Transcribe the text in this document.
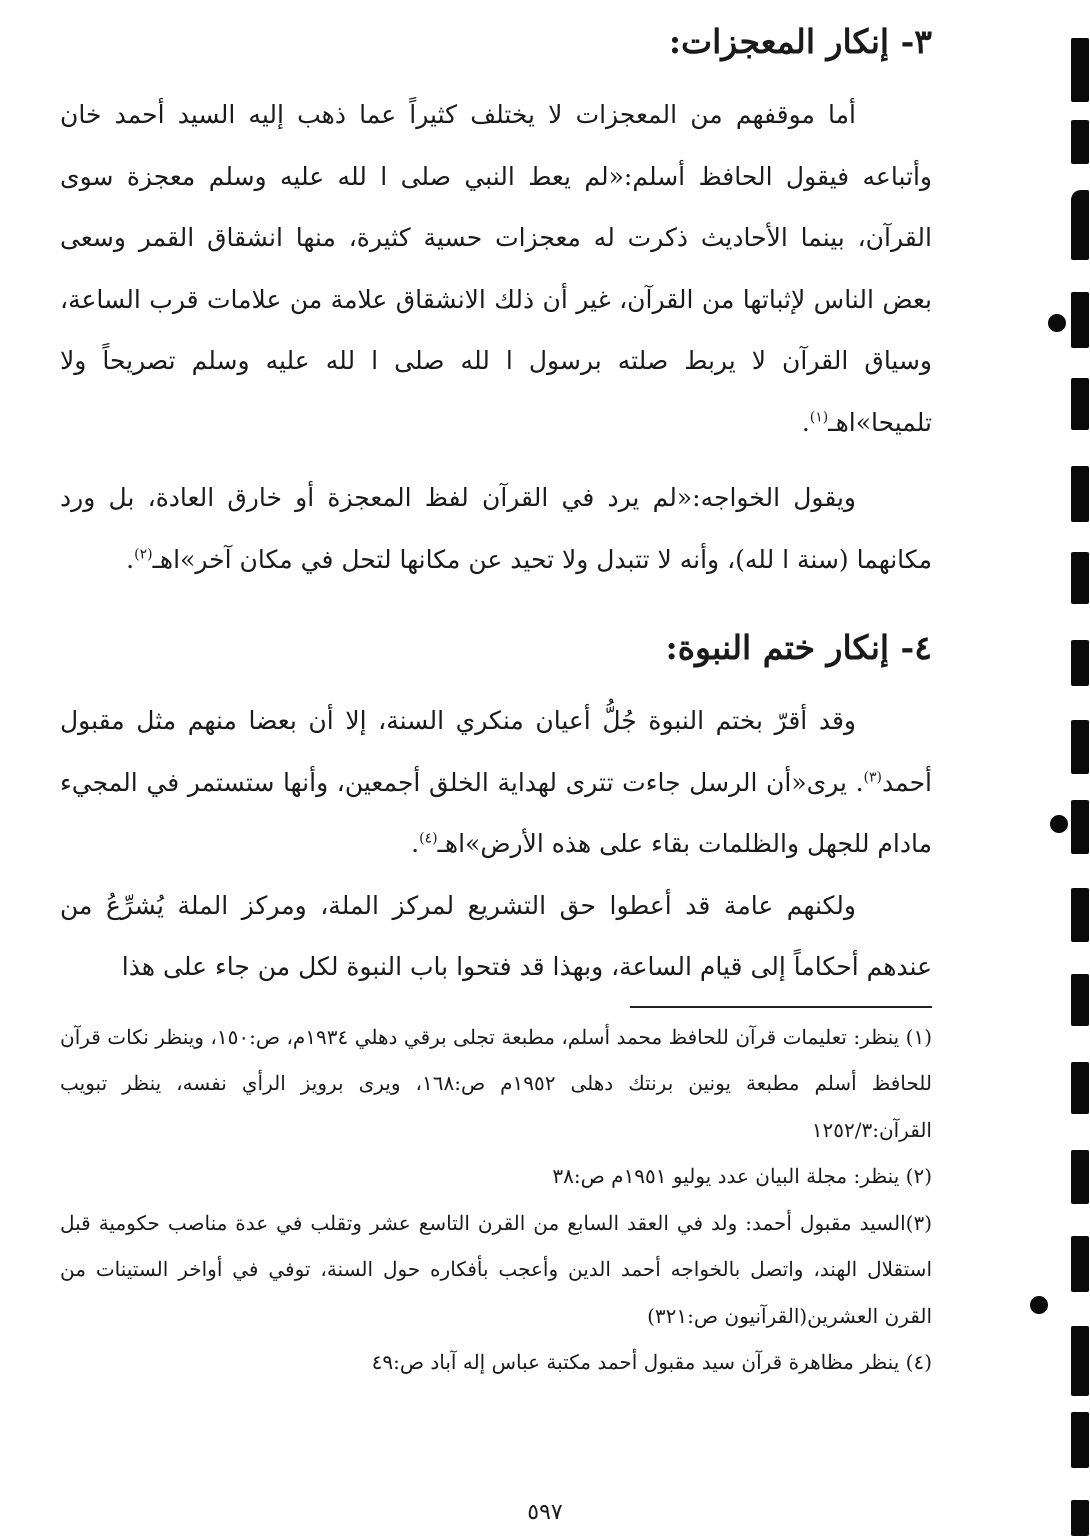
٣- إنكار المعجزات:

أما موقفهم من المعجزات لا يختلف كثيراً عما ذهب إليه السيد أحمد خان وأتباعه فيقول الحافظ أسلم:«لم يعط النبي صلى ا لله عليه وسلم معجزة سوى القرآن، بينما الأحاديث ذكرت له معجزات حسية كثيرة، منها انشقاق القمر وسعى بعض الناس لإثباتها من القرآن، غير أن ذلك الانشقاق علامة من علامات قرب الساعة، وسياق القرآن لا يربط صلته برسول ا لله صلى ا لله عليه وسلم تصريحاً ولا تلميحا»اهـ$^{(١)}$.

ويقول الخواجه:«لم يرد في القرآن لفظ المعجزة أو خارق العادة، بل ورد مكانهما (سنة ا لله)، وأنه لا تتبدل ولا تحيد عن مكانها لتحل في مكان آخر»اهـ$^{(٢)}$.

٤- إنكار ختم النبوة:

وقد أقرّ بختم النبوة جُلُّ أعيان منكري السنة، إلا أن بعضا منهم مثل مقبول أحمد$^{(٣)}$. يرى«أن الرسل جاءت تترى لهداية الخلق أجمعين، وأنها ستستمر في المجيء مادام للجهل والظلمات بقاء على هذه الأرض»اهـ$^{(٤)}$.

ولكنهم عامة قد أعطوا حق التشريع لمركز الملة، ومركز الملة يُشرِّعُ من عندهم أحكاماً إلى قيام الساعة، وبهذا قد فتحوا باب النبوة لكل من جاء على هذا

(١) ينظر: تعليمات قرآن للحافظ محمد أسلم، مطبعة تجلى برقي دهلي ١٩٣٤م، ص:١٥٠، وينظر نكات قرآن للحافظ أسلم مطبعة يونين برنتك دهلى ١٩٥٢م ص:١٦٨، ويرى برويز الرأي نفسه، ينظر تبويب القرآن:١٢٥٢/٣

(٢) ينظر: مجلة البيان عدد يوليو ١٩٥١م ص:٣٨

(٣)السيد مقبول أحمد: ولد في العقد السابع من القرن التاسع عشر وتقلب في عدة مناصب حكومية قبل استقلال الهند، واتصل بالخواجه أحمد الدين وأعجب بأفكاره حول السنة، توفي في أواخر الستينات من القرن العشرين(القرآنيون ص:٣٢١)

(٤) ينظر مظاهرة قرآن سيد مقبول أحمد مكتبة عباس إله آباد ص:٤٩

٥٩٧
